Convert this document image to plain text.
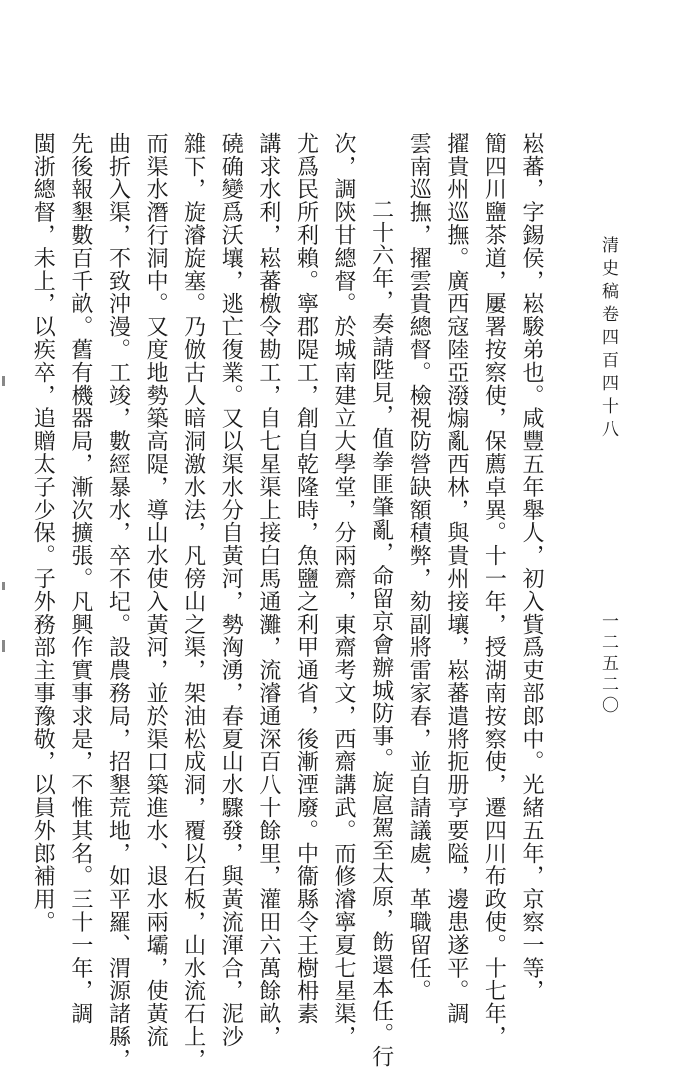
清史稿卷四百四十八
一二五二〇
崧蕃，字錫侯，崧駿弟也。咸豐五年舉人，初入貲爲吏部郎中。光緒五年，京察一等，
簡四川鹽茶道，屢署按察使，保薦卓異。十一年，授湖南按察使，遷四川布政使。十七年，
擢貴州巡撫。廣西寇陸亞潑煽亂西林，與貴州接壤，崧蕃遣將扼册亨要隘，邊患遂平。調
雲南巡撫，擢雲貴總督。檢視防營缺額積弊，劾副將雷家春，並自請議處，革職留任。
二十六年，奏請陛見，值拳匪肇亂，命留京會辦城防事。旋扈駕至太原，飭還本任。行
次，調陝甘總督。於城南建立大學堂，分兩齋，東齋考文，西齋講武。而修濬寧夏七星渠，
尤爲民所利賴。寧郡隄工，創自乾隆時，魚鹽之利甲通省，後漸湮廢。中衞縣令王樹枏素
講求水利，崧蕃檄令勘工，自七星渠上接白馬通灘，流濬通深百八十餘里，灌田六萬餘畝，
磽确變爲沃壤，逃亡復業。又以渠水分自黃河，勢洶湧，春夏山水驟發，與黃流渾合，泥沙
雜下，旋濬旋塞。乃倣古人暗洞激水法，凡傍山之渠，架油松成洞，覆以石板，山水流石上，
而渠水潛行洞中。又度地勢築高隄，導山水使入黃河，並於渠口築進水、退水兩壩，使黃流
曲折入渠，不致沖漫。工竣，數經暴水，卒不圮。設農務局，招墾荒地，如平羅、渭源諸縣，
先後報墾數百千畝。舊有機器局，漸次擴張。凡興作實事求是，不惟其名。三十一年，調
閩浙總督，未上，以疾卒，追贈太子少保。子外務部主事豫敬，以員外郎補用。
